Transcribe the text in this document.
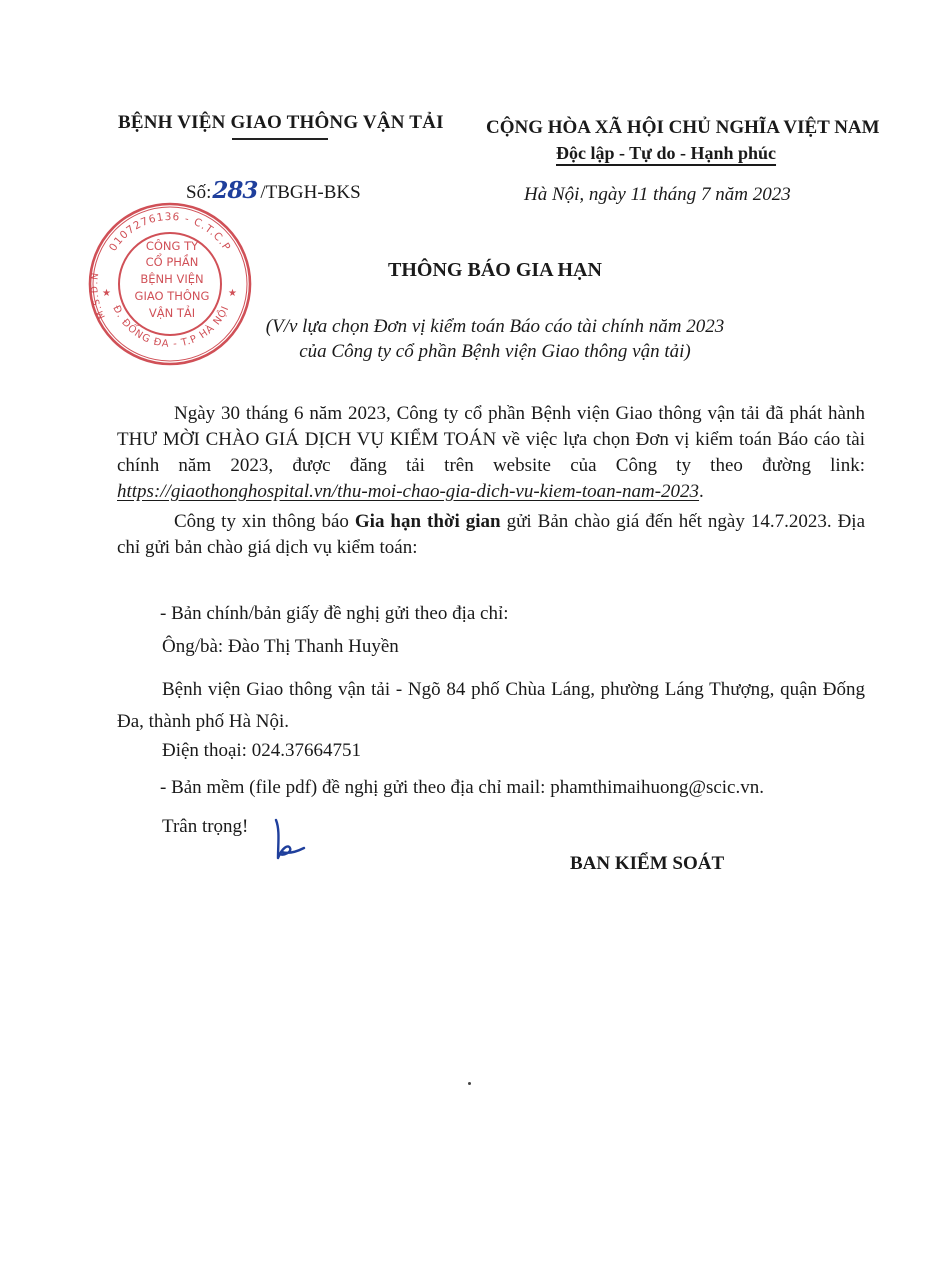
BỆNH VIỆN GIAO THÔNG VẬN TẢI CỘNG HÒA XÃ HỘI CHỦ NGHĨA VIỆT NAM
Độc lập - Tự do - Hạnh phúc
Số:283 /TBGH-BKS	Hà Nội, ngày 11 tháng 7 năm 2023
0107276136 - C.T.C.P
Đ. ĐỐNG ĐA - T.P HÀ NỘI
M.S.D.N
★	★
CÔNG TY
CỔ PHẦN
BỆNH VIỆN
GIAO THÔNG
VẬN TẢI
THÔNG BÁO GIA HẠN
(V/v lựa chọn Đơn vị kiểm toán Báo cáo tài chính năm 2023
của Công ty cổ phần Bệnh viện Giao thông vận tải)

Ngày 30 tháng 6 năm 2023, Công ty cổ phần Bệnh viện Giao thông vận tải đã phát hành THƯ MỜI CHÀO GIÁ DỊCH VỤ KIỂM TOÁN về việc lựa chọn Đơn vị kiểm toán Báo cáo tài chính năm 2023, được đăng tải trên website của Công ty theo đường link: https://giaothonghospital.vn/thu-moi-chao-gia-dich-vu-kiem-toan-nam-2023.

Công ty xin thông báo Gia hạn thời gian gửi Bản chào giá đến hết ngày 14.7.2023. Địa chỉ gửi bản chào giá dịch vụ kiểm toán:

- Bản chính/bản giấy đề nghị gửi theo địa chỉ:
Ông/bà: Đào Thị Thanh Huyền
Bệnh viện Giao thông vận tải - Ngõ 84 phố Chùa Láng, phường Láng Thượng, quận Đống Đa, thành phố Hà Nội.
Điện thoại: 024.37664751
- Bản mềm (file pdf) đề nghị gửi theo địa chỉ mail: phamthimaihuong@scic.vn.
Trân trọng!
BAN KIỂM SOÁT
